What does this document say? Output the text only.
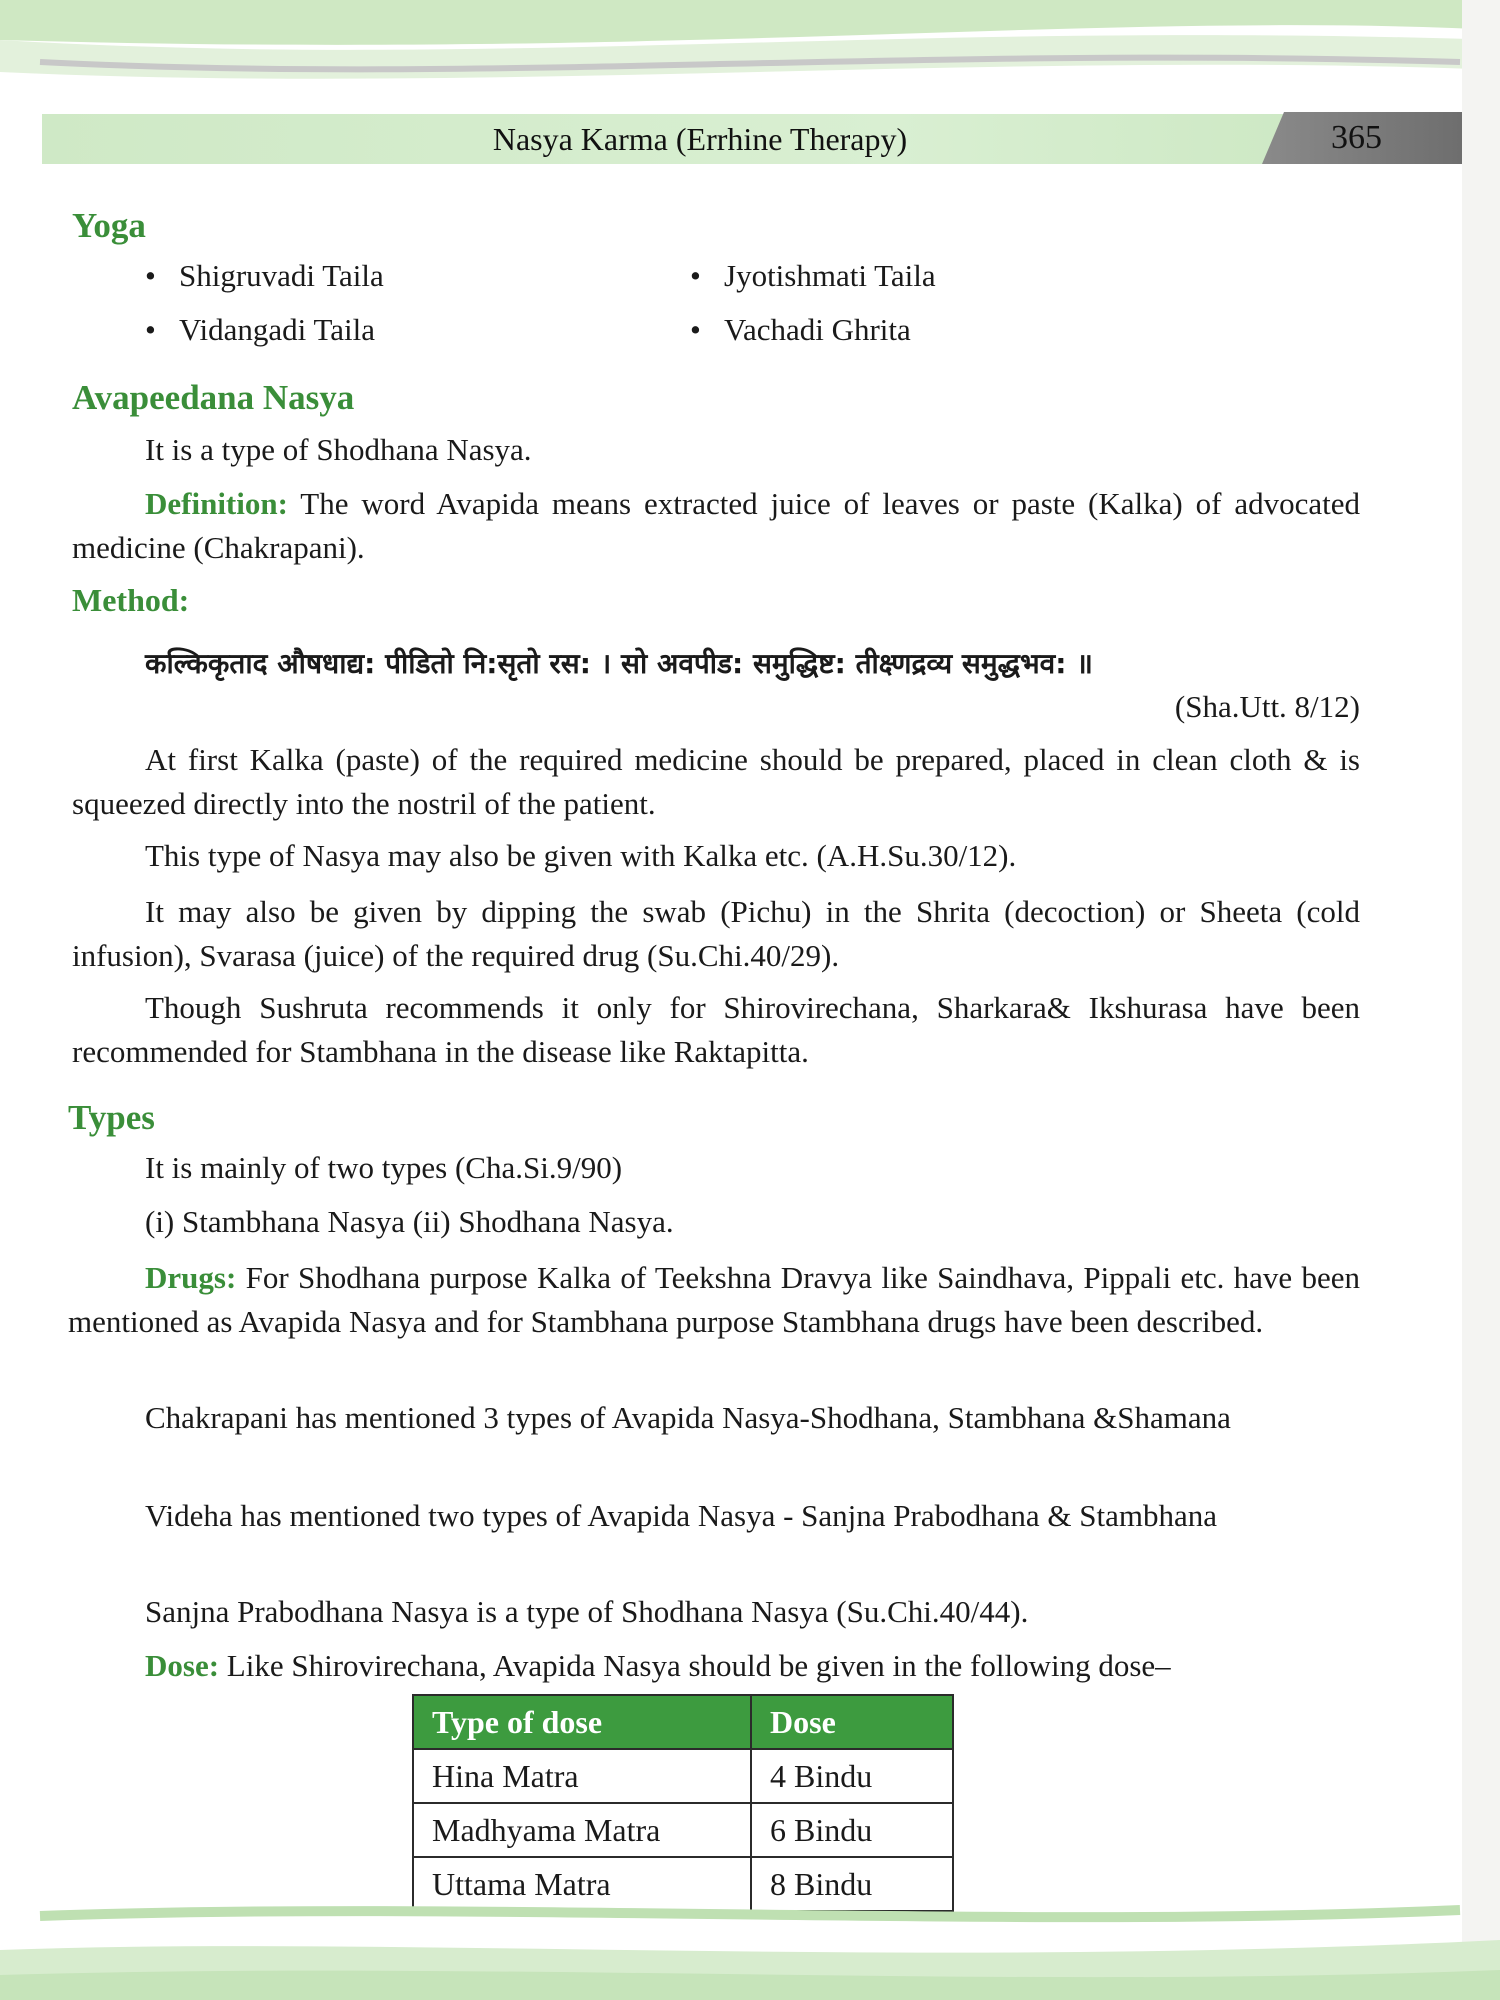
Nasya Karma (Errhine Therapy)	365
Yoga
• Shigruvadi Taila	• Jyotishmati Taila
• Vidangadi Taila	• Vachadi Ghrita
Avapeedana Nasya
It is a type of Shodhana Nasya.
Definition: The word Avapida means extracted juice of leaves or paste (Kalka) of advocated medicine (Chakrapani).
Method:
कल्किकृताद औषधाद्य: पीडितो नि:सृतो रस: । सो अवपीड: समुद्धिष्ट: तीक्ष्णद्रव्य समुद्धभव: ॥
(Sha.Utt. 8/12)
At first Kalka (paste) of the required medicine should be prepared, placed in clean cloth & is squeezed directly into the nostril of the patient.
This type of Nasya may also be given with Kalka etc. (A.H.Su.30/12).
It may also be given by dipping the swab (Pichu) in the Shrita (decoction) or Sheeta (cold infusion), Svarasa (juice) of the required drug (Su.Chi.40/29).
Though Sushruta recommends it only for Shirovirechana, Sharkara& Ikshurasa have been recommended for Stambhana in the disease like Raktapitta.
Types
It is mainly of two types (Cha.Si.9/90)
(i) Stambhana Nasya (ii) Shodhana Nasya.
Drugs: For Shodhana purpose Kalka of Teekshna Dravya like Saindhava, Pippali etc. have been mentioned as Avapida Nasya and for Stambhana purpose Stambhana drugs have been described.
Chakrapani has mentioned 3 types of Avapida Nasya-Shodhana, Stambhana &Shamana
Videha has mentioned two types of Avapida Nasya - Sanjna Prabodhana & Stambhana
Sanjna Prabodhana Nasya is a type of Shodhana Nasya (Su.Chi.40/44).
Dose: Like Shirovirechana, Avapida Nasya should be given in the following dose–
Type of dose	Dose
Hina Matra	4 Bindu
Madhyama Matra	6 Bindu
Uttama Matra	8 Bindu
